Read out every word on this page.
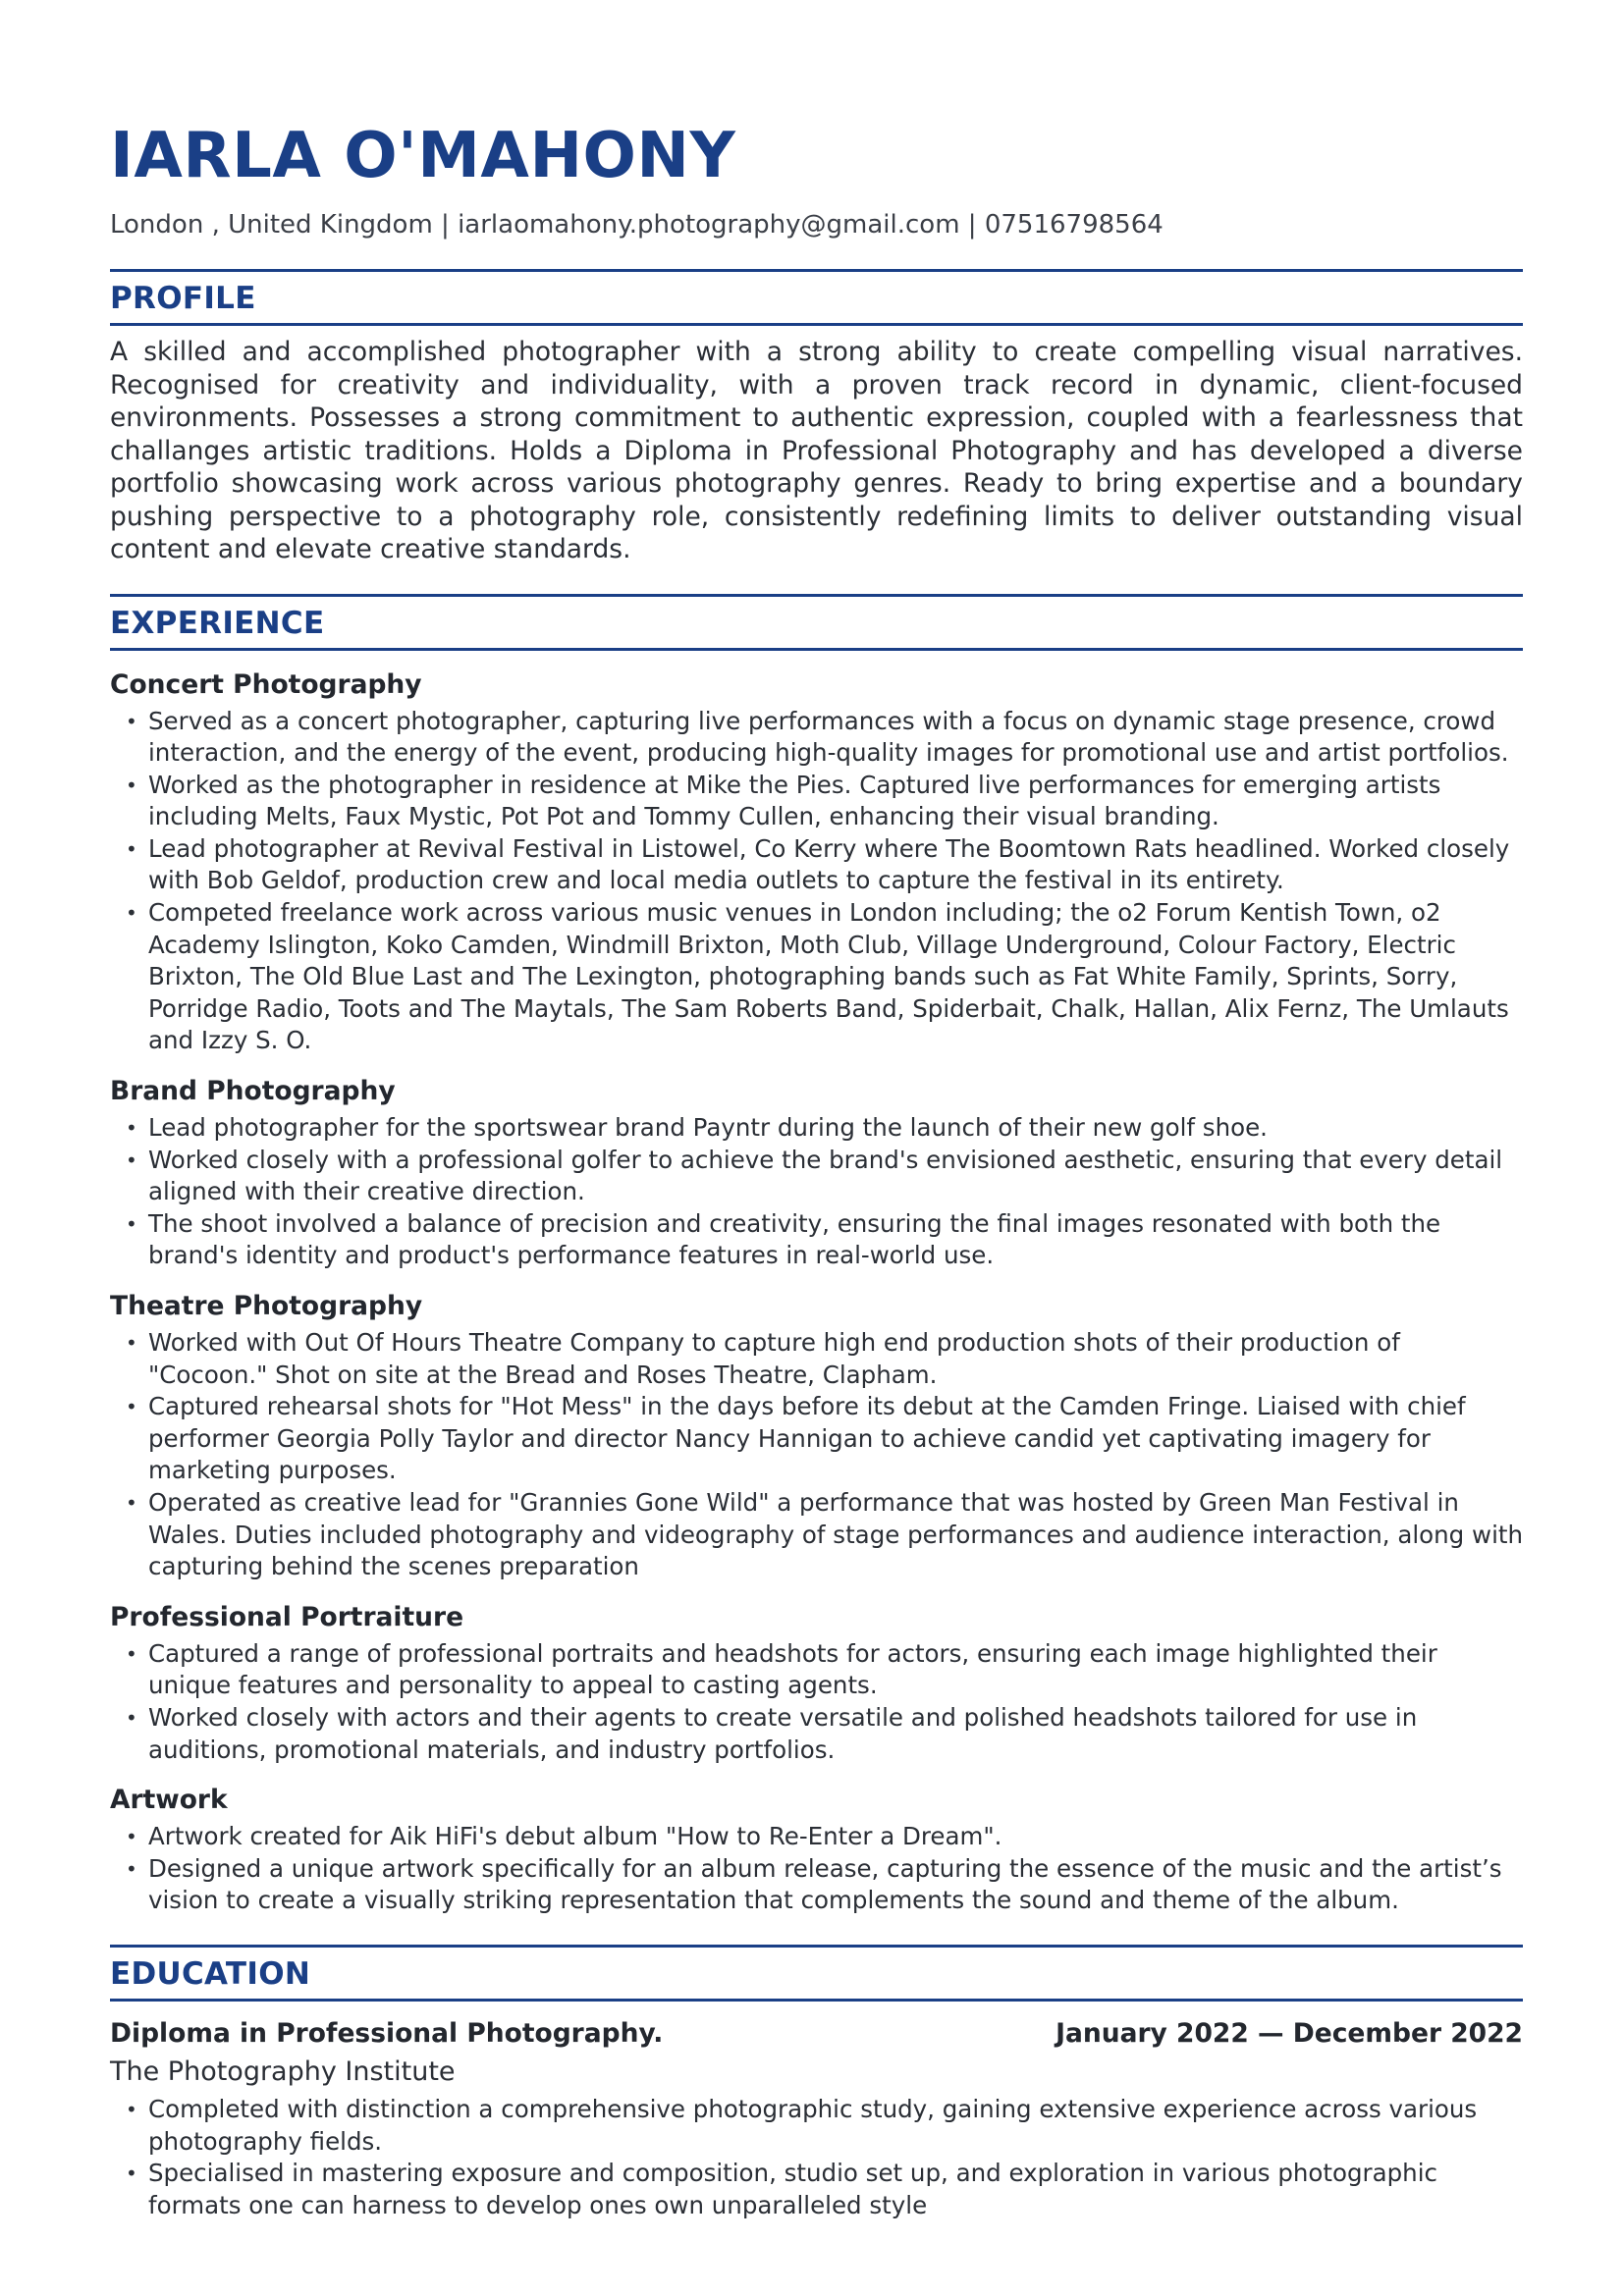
IARLA O'MAHONY
London , United Kingdom | iarlaomahony.photography@gmail.com | 07516798564
PROFILE
A skilled and accomplished photographer with a strong ability to create compelling visual narratives. Recognised for creativity and individuality, with a proven track record in dynamic, client-focused environments. Possesses a strong commitment to authentic expression, coupled with a fearlessness that challanges artistic traditions. Holds a Diploma in Professional Photography and has developed a diverse portfolio showcasing work across various photography genres. Ready to bring expertise and a boundary pushing perspective to a photography role, consistently redefining limits to deliver outstanding visual content and elevate creative standards.
EXPERIENCE
Concert Photography
• Served as a concert photographer, capturing live performances with a focus on dynamic stage presence, crowd interaction, and the energy of the event, producing high-quality images for promotional use and artist portfolios.
• Worked as the photographer in residence at Mike the Pies. Captured live performances for emerging artists including Melts, Faux Mystic, Pot Pot and Tommy Cullen, enhancing their visual branding.
• Lead photographer at Revival Festival in Listowel, Co Kerry where The Boomtown Rats headlined. Worked closely with Bob Geldof, production crew and local media outlets to capture the festival in its entirety.
• Competed freelance work across various music venues in London including; the o2 Forum Kentish Town, o2 Academy Islington, Koko Camden, Windmill Brixton, Moth Club, Village Underground, Colour Factory, Electric Brixton, The Old Blue Last and The Lexington, photographing bands such as Fat White Family, Sprints, Sorry, Porridge Radio, Toots and The Maytals, The Sam Roberts Band, Spiderbait, Chalk, Hallan, Alix Fernz, The Umlauts and Izzy S. O.
Brand Photography
• Lead photographer for the sportswear brand Payntr during the launch of their new golf shoe.
• Worked closely with a professional golfer to achieve the brand's envisioned aesthetic, ensuring that every detail aligned with their creative direction.
• The shoot involved a balance of precision and creativity, ensuring the final images resonated with both the brand's identity and product's performance features in real-world use.
Theatre Photography
• Worked with Out Of Hours Theatre Company to capture high end production shots of their production of "Cocoon." Shot on site at the Bread and Roses Theatre, Clapham.
• Captured rehearsal shots for "Hot Mess" in the days before its debut at the Camden Fringe. Liaised with chief performer Georgia Polly Taylor and director Nancy Hannigan to achieve candid yet captivating imagery for marketing purposes.
• Operated as creative lead for "Grannies Gone Wild" a performance that was hosted by Green Man Festival in Wales. Duties included photography and videography of stage performances and audience interaction, along with capturing behind the scenes preparation
Professional Portraiture
• Captured a range of professional portraits and headshots for actors, ensuring each image highlighted their unique features and personality to appeal to casting agents.
• Worked closely with actors and their agents to create versatile and polished headshots tailored for use in auditions, promotional materials, and industry portfolios.
Artwork
• Artwork created for Aik HiFi's debut album "How to Re-Enter a Dream".
• Designed a unique artwork specifically for an album release, capturing the essence of the music and the artist’s vision to create a visually striking representation that complements the sound and theme of the album.
EDUCATION
Diploma in Professional Photography.	January 2022 — December 2022
The Photography Institute
• Completed with distinction a comprehensive photographic study, gaining extensive experience across various photography fields.
• Specialised in mastering exposure and composition, studio set up, and exploration in various photographic formats one can harness to develop ones own unparalleled style
